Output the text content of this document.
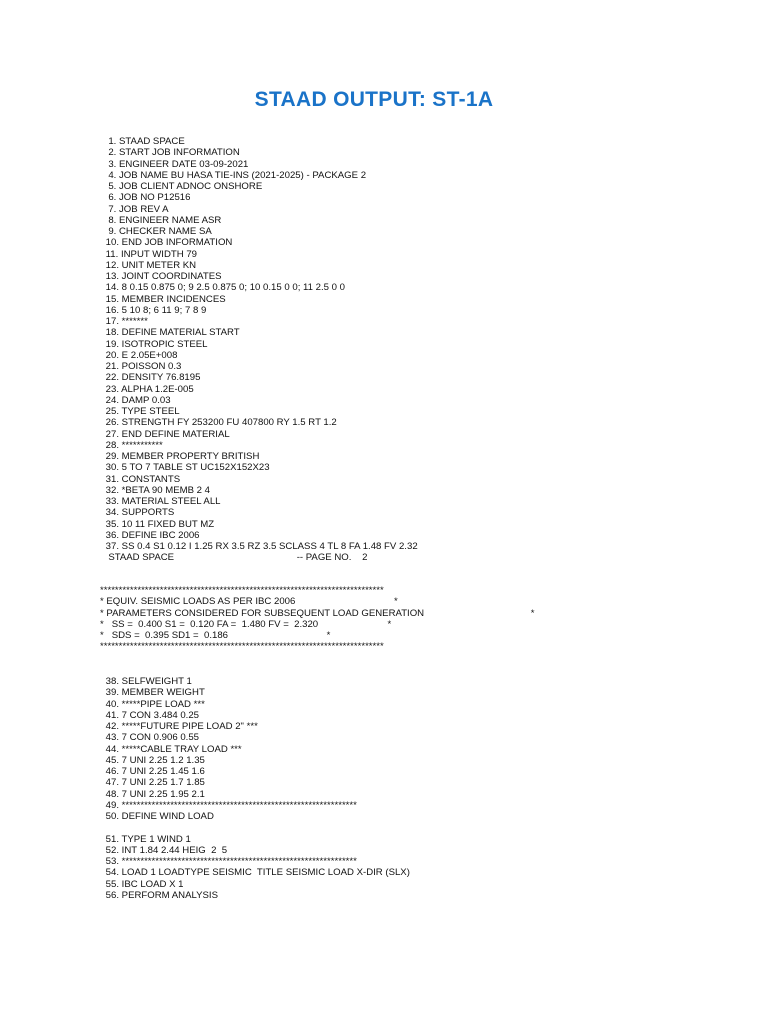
STAAD OUTPUT: ST-1A
1. STAAD SPACE
2. START JOB INFORMATION
3. ENGINEER DATE 03-09-2021
4. JOB NAME BU HASA TIE-INS (2021-2025) - PACKAGE 2
5. JOB CLIENT ADNOC ONSHORE
6. JOB NO P12516
7. JOB REV A
8. ENGINEER NAME ASR
9. CHECKER NAME SA
10. END JOB INFORMATION
11. INPUT WIDTH 79
12. UNIT METER KN
13. JOINT COORDINATES
14. 8 0.15 0.875 0; 9 2.5 0.875 0; 10 0.15 0 0; 11 2.5 0 0
15. MEMBER INCIDENCES
16. 5 10 8; 6 11 9; 7 8 9
17. *******
18. DEFINE MATERIAL START
19. ISOTROPIC STEEL
20. E 2.05E+008
21. POISSON 0.3
22. DENSITY 76.8195
23. ALPHA 1.2E-005
24. DAMP 0.03
25. TYPE STEEL
26. STRENGTH FY 253200 FU 407800 RY 1.5 RT 1.2
27. END DEFINE MATERIAL
28. ***********
29. MEMBER PROPERTY BRITISH
30. 5 TO 7 TABLE ST UC152X152X23
31. CONSTANTS
32. *BETA 90 MEMB 2 4
33. MATERIAL STEEL ALL
34. SUPPORTS
35. 10 11 FIXED BUT MZ
36. DEFINE IBC 2006
37. SS 0.4 S1 0.12 I 1.25 RX 3.5 RZ 3.5 SCLASS 4 TL 8 FA 1.48 FV 2.32
STAAD SPACE                                              -- PAGE NO.    2
****************************************************************************
* EQUIV. SEISMIC LOADS AS PER IBC 2006                                     *
* PARAMETERS CONSIDERED FOR SUBSEQUENT LOAD GENERATION                                        *
*   SS =  0.400 S1 =  0.120 FA =  1.480 FV =  2.320                          *
*   SDS =  0.395 SD1 =  0.186                                     *
****************************************************************************
38. SELFWEIGHT 1
39. MEMBER WEIGHT
40. *****PIPE LOAD ***
41. 7 CON 3.484 0.25
42. *****FUTURE PIPE LOAD 2" ***
43. 7 CON 0.906 0.55
44. *****CABLE TRAY LOAD ***
45. 7 UNI 2.25 1.2 1.35
46. 7 UNI 2.25 1.45 1.6
47. 7 UNI 2.25 1.7 1.85
48. 7 UNI 2.25 1.95 2.1
49. ***************************************************************
50. DEFINE WIND LOAD

51. TYPE 1 WIND 1
52. INT 1.84 2.44 HEIG  2  5
53. ***************************************************************
54. LOAD 1 LOADTYPE SEISMIC  TITLE SEISMIC LOAD X-DIR (SLX)
55. IBC LOAD X 1
56. PERFORM ANALYSIS
